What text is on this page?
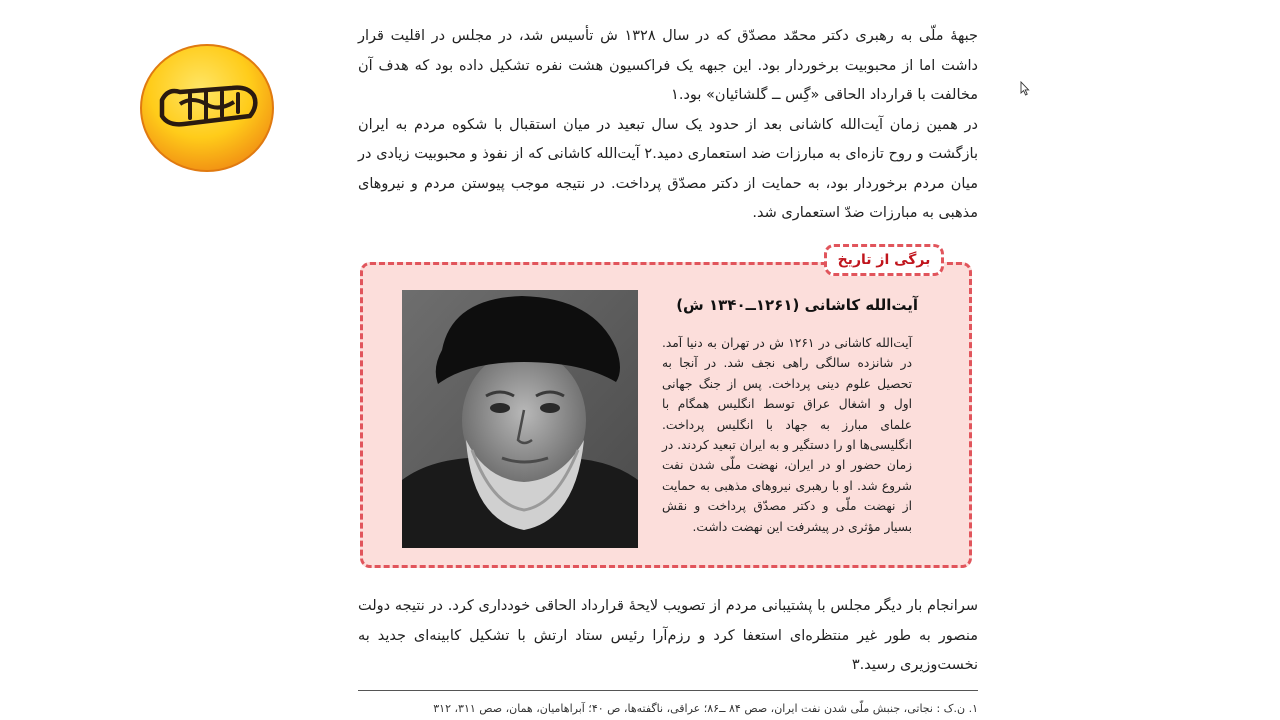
آموزش۱۱

جبههٔ ملّی به رهبری دکتر محمّد مصدّق که در سال ۱۳۲۸ ش تأسیس شد، در مجلس در اقلیت قرار داشت اما از محبوبیت برخوردار بود. این جبهه یک فراکسیون هشت نفره تشکیل داده بود که هدف آن مخالفت با قرارداد الحاقی «گِس ــ گلشائیان» بود.۱

در همین زمان آیت‌الله کاشانی بعد از حدود یک سال تبعید در میان استقبال با شکوه مردم به ایران بازگشت و روح تازه‌ای به مبارزات ضد استعماری دمید.۲ آیت‌الله کاشانی که از نفوذ و محبوبیت زیادی در میان مردم برخوردار بود، به حمایت از دکتر مصدّق پرداخت. در نتیجه موجب پیوستن مردم و نیروهای مذهبی به مبارزات ضدّ استعماری شد.

برگی از تاریخ
آیت‌الله کاشانی (۱۲۶۱ــ۱۳۴۰ ش)
آیت‌الله کاشانی در ۱۲۶۱ ش در تهران به دنیا آمد. در شانزده سالگی راهی نجف شد. در آنجا به تحصیل علوم دینی پرداخت. پس از جنگ جهانی اول و اشغال عراق توسط انگلیس همگام با علمای مبارز به جهاد با انگلیس پرداخت. انگلیسی‌ها او را دستگیر و به ایران تبعید کردند. در زمان حضور او در ایران، نهضت ملّی شدن نفت شروع شد. او با رهبری نیروهای مذهبی به حمایت از نهضت ملّی و دکتر مصدّق پرداخت و نقش بسیار مؤثری در پیشرفت این نهضت داشت.

سرانجام بار دیگر مجلس با پشتیبانی مردم از تصویب لایحهٔ قرارداد الحاقی خودداری کرد. در نتیجه دولت منصور به طور غیر منتظره‌ای استعفا کرد و رزم‌آرا رئیس ستاد ارتش با تشکیل کابینه‌ای جدید به نخست‌وزیری رسید.۳

۱. ن.ک : نجاتی، جنبش ملّی شدن نفت ایران، صص ۸۴ ــ۸۶؛ عراقی، ناگفته‌ها، ص ۴۰؛ آبراهامیان، همان، صص ۳۱۱، ۳۱۲
